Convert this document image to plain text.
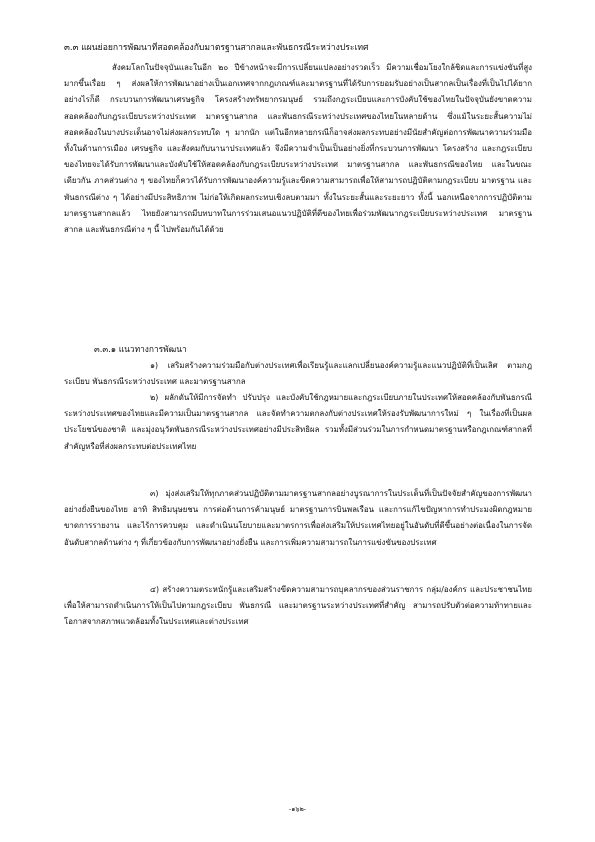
๓.๓ แผนย่อยการพัฒนาที่สอดคล้องกับมาตรฐานสากลและพันธกรณีระหว่างประเทศ

สังคมโลกในปัจจุบันและในอีก ๒๐ ปีข้างหน้าจะมีการเปลี่ยนแปลงอย่างรวดเร็ว มีความเชื่อมโยงใกล้ชิดและการแข่งขันที่สูงมากขึ้นเรื่อย ๆ ส่งผลให้การพัฒนาอย่างเป็นเอกเทศจากกฎเกณฑ์และมาตรฐานที่ได้รับการยอมรับอย่างเป็นสากลเป็นเรื่องที่เป็นไปได้ยาก อย่างไรก็ดี กระบวนการพัฒนาเศรษฐกิจ โครงสร้างทรัพยากรมนุษย์ รวมถึงกฎระเบียบและการบังคับใช้ของไทยในปัจจุบันยังขาดความสอดคล้องกับกฎระเบียบระหว่างประเทศ มาตรฐานสากล และพันธกรณีระหว่างประเทศของไทยในหลายด้าน ซึ่งแม้ในระยะสั้นความไม่สอดคล้องในบางประเด็นอาจไม่ส่งผลกระทบใด ๆ มากนัก แต่ในอีกหลายกรณีก็อาจส่งผลกระทบอย่างมีนัยสำคัญต่อการพัฒนาความร่วมมือทั้งในด้านการเมือง เศรษฐกิจ และสังคมกับนานาประเทศแล้ว จึงมีความจำเป็นเป็นอย่างยิ่งที่กระบวนการพัฒนา โครงสร้าง และกฎระเบียบของไทยจะได้รับการพัฒนาและบังคับใช้ให้สอดคล้องกับกฎระเบียบระหว่างประเทศ มาตรฐานสากล และพันธกรณีของไทย และในขณะเดียวกัน ภาคส่วนต่าง ๆ ของไทยก็ควรได้รับการพัฒนาองค์ความรู้และขีดความสามารถเพื่อให้สามารถปฏิบัติตามกฎระเบียบ มาตรฐาน และพันธกรณีต่าง ๆ ได้อย่างมีประสิทธิภาพ ไม่ก่อให้เกิดผลกระทบเชิงลบตามมา ทั้งในระยะสั้นและระยะยาว ทั้งนี้ นอกเหนือจากการปฏิบัติตามมาตรฐานสากลแล้ว ไทยยังสามารถมีบทบาทในการร่วมเสนอแนวปฏิบัติที่ดีของไทยเพื่อร่วมพัฒนากฎระเบียบระหว่างประเทศ มาตรฐานสากล และพันธกรณีต่าง ๆ นี้ ไปพร้อมกันได้ด้วย

๓.๓.๑ แนวทางการพัฒนา

๑) เสริมสร้างความร่วมมือกับต่างประเทศเพื่อเรียนรู้และแลกเปลี่ยนองค์ความรู้และแนวปฏิบัติที่เป็นเลิศ ตามกฎระเบียบ พันธกรณีระหว่างประเทศ และมาตรฐานสากล

๒) ผลักดันให้มีการจัดทำ ปรับปรุง และบังคับใช้กฎหมายและกฎระเบียบภายในประเทศให้สอดคล้องกับพันธกรณีระหว่างประเทศของไทยและมีความเป็นมาตรฐานสากล และจัดทำความตกลงกับต่างประเทศให้รองรับพัฒนาการใหม่ ๆ ในเรื่องที่เป็นผลประโยชน์ของชาติ และมุ่งอนุวัตพันธกรณีระหว่างประเทศอย่างมีประสิทธิผล รวมทั้งมีส่วนร่วมในการกำหนดมาตรฐานหรือกฎเกณฑ์สากลที่สำคัญหรือที่ส่งผลกระทบต่อประเทศไทย

๓) มุ่งส่งเสริมให้ทุกภาคส่วนปฏิบัติตามมาตรฐานสากลอย่างบูรณาการในประเด็นที่เป็นปัจจัยสำคัญของการพัฒนาอย่างยั่งยืนของไทย อาทิ สิทธิมนุษยชน การต่อต้านการค้ามนุษย์ มาตรฐานการบินพลเรือน และการแก้ไขปัญหาการทำประมงผิดกฎหมาย ขาดการรายงาน และไร้การควบคุม และดำเนินนโยบายและมาตรการเพื่อส่งเสริมให้ประเทศไทยอยู่ในอันดับที่ดีขึ้นอย่างต่อเนื่องในการจัดอันดับสากลด้านต่าง ๆ ที่เกี่ยวข้องกับการพัฒนาอย่างยั่งยืน และการเพิ่มความสามารถในการแข่งขันของประเทศ

๔) สร้างความตระหนักรู้และเสริมสร้างขีดความสามารถบุคลากรของส่วนราชการ กลุ่ม/องค์กร และประชาชนไทย เพื่อให้สามารถดำเนินการให้เป็นไปตามกฎระเบียบ พันธกรณี และมาตรฐานระหว่างประเทศที่สำคัญ สามารถปรับตัวต่อความท้าทายและโอกาสจากสภาพแวดล้อมทั้งในประเทศและต่างประเทศ

-๑๖๒-
